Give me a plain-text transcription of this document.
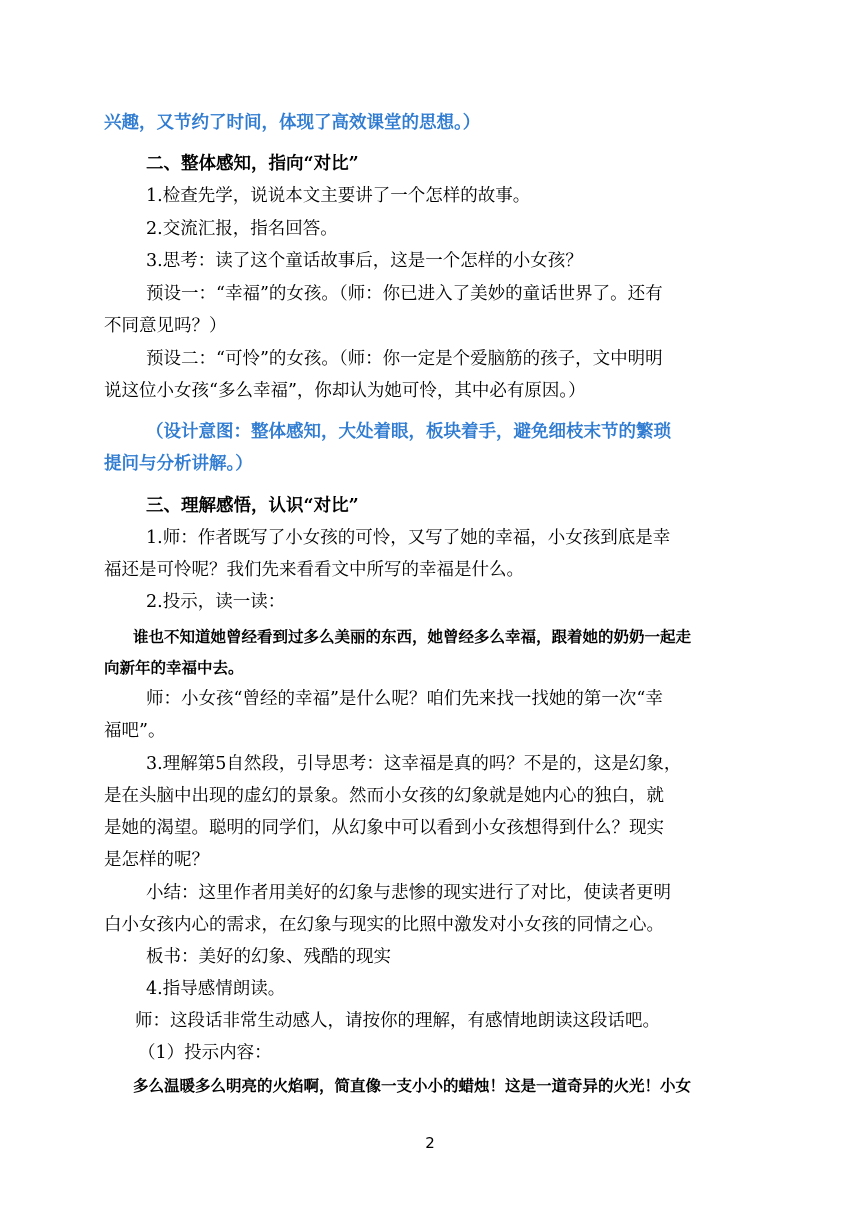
兴趣，又节约了时间，体现了高效课堂的思想。）
二、整体感知，指向“对比”
1.检查先学，说说本文主要讲了一个怎样的故事。
2.交流汇报，指名回答。
3.思考：读了这个童话故事后，这是一个怎样的小女孩？
预设一：“幸福”的女孩。（师：你已进入了美妙的童话世界了。还有
不同意见吗？）
预设二：“可怜”的女孩。（师：你一定是个爱脑筋的孩子，文中明明
说这位小女孩“多么幸福”，你却认为她可怜，其中必有原因。）
（设计意图：整体感知，大处着眼，板块着手，避免细枝末节的繁琐
提问与分析讲解。）
三、理解感悟，认识“对比”
1.师：作者既写了小女孩的可怜，又写了她的幸福，小女孩到底是幸
福还是可怜呢？我们先来看看文中所写的幸福是什么。
2.投示，读一读：
谁也不知道她曾经看到过多么美丽的东西，她曾经多么幸福，跟着她的奶奶一起走
向新年的幸福中去。
师：小女孩“曾经的幸福”是什么呢？咱们先来找一找她的第一次“幸
福吧”。
3.理解第5自然段，引导思考：这幸福是真的吗？不是的，这是幻象，
是在头脑中出现的虚幻的景象。然而小女孩的幻象就是她内心的独白，就
是她的渴望。聪明的同学们，从幻象中可以看到小女孩想得到什么？现实
是怎样的呢？
小结：这里作者用美好的幻象与悲惨的现实进行了对比，使读者更明
白小女孩内心的需求，在幻象与现实的比照中激发对小女孩的同情之心。
板书：美好的幻象、残酷的现实
4.指导感情朗读。
师：这段话非常生动感人，请按你的理解，有感情地朗读这段话吧。
（1）投示内容：
多么温暖多么明亮的火焰啊，简直像一支小小的蜡烛！这是一道奇异的火光！小女
2
